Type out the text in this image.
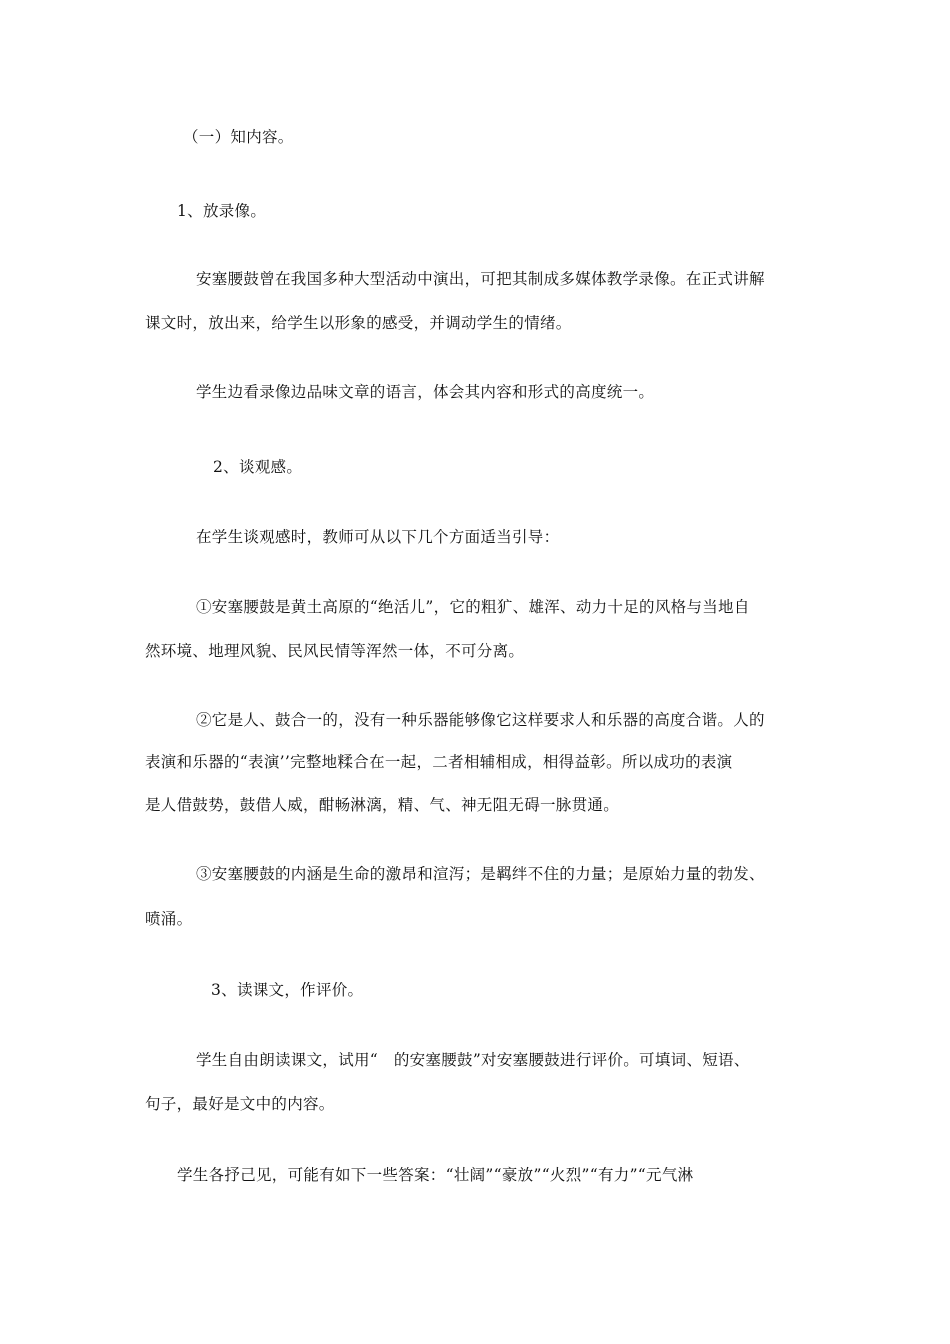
（一）知内容。
1、放录像。
安塞腰鼓曾在我国多种大型活动中演出，可把其制成多媒体教学录像。在正式讲解
课文时，放出来，给学生以形象的感受，并调动学生的情绪。
学生边看录像边品味文章的语言，体会其内容和形式的高度统一。
2、谈观感。
在学生谈观感时，教师可从以下几个方面适当引导：
①安塞腰鼓是黄土高原的“绝活儿”，它的粗犷、雄浑、动力十足的风格与当地自
然环境、地理风貌、民风民情等浑然一体，不可分离。
②它是人、鼓合一的，没有一种乐器能够像它这样要求人和乐器的高度合谐。人的
表演和乐器的“表演’’完整地糅合在一起，二者相辅相成，相得益彰。所以成功的表演
是人借鼓势，鼓借人威，酣畅淋漓，精、气、神无阻无碍一脉贯通。
③安塞腰鼓的内涵是生命的激昂和渲泻；是羁绊不住的力量；是原始力量的勃发、
喷涌。
3、读课文，作评价。
学生自由朗读课文，试用“　的安塞腰鼓”对安塞腰鼓进行评价。可填词、短语、
句子，最好是文中的内容。
学生各抒己见，可能有如下一些答案：“壮阔”“豪放”“火烈”“有力”“元气淋
